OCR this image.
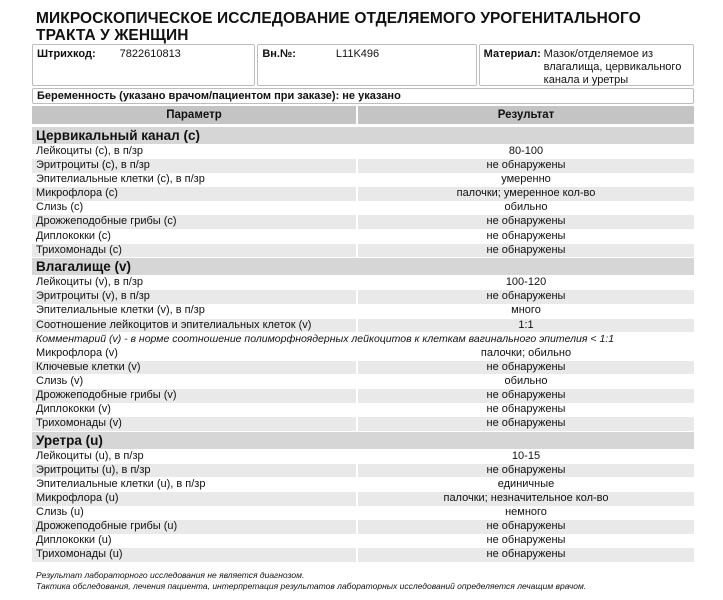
МИКРОСКОПИЧЕСКОЕ ИССЛЕДОВАНИЕ ОТДЕЛЯЕМОГО УРОГЕНИТАЛЬНОГО ТРАКТА У ЖЕНЩИН
Штрихкод: 7822610813	Вн.№:	L11K496	Материал: Мазок/отделяемое из влагалища, цервикального канала и уретры
Беременность (указано врачом/пациентом при заказе): не указано
Параметр	Результат
Цервикальный канал (c)
Лейкоциты (c), в п/зр	80-100
Эритроциты (c), в п/зр	не обнаружены
Эпителиальные клетки (c), в п/зр	умеренно
Микрофлора (c)	палочки; умеренное кол-во
Слизь (c)	обильно
Дрожжеподобные грибы (c)	не обнаружены
Диплококки (c)	не обнаружены
Трихомонады (c)	не обнаружены
Влагалище (v)
Лейкоциты (v), в п/зр	100-120
Эритроциты (v), в п/зр	не обнаружены
Эпителиальные клетки (v), в п/зр	много
Соотношение лейкоцитов и эпителиальных клеток (v)	1:1
Комментарий (v) - в норме соотношение полиморфноядерных лейкоцитов к клеткам вагинального эпителия < 1:1
Микрофлора (v)	палочки; обильно
Ключевые клетки (v)	не обнаружены
Слизь (v)	обильно
Дрожжеподобные грибы (v)	не обнаружены
Диплококки (v)	не обнаружены
Трихомонады (v)	не обнаружены
Уретра (u)
Лейкоциты (u), в п/зр	10-15
Эритроциты (u), в п/зр	не обнаружены
Эпителиальные клетки (u), в п/зр	единичные
Микрофлора (u)	палочки; незначительное кол-во
Слизь (u)	немного
Дрожжеподобные грибы (u)	не обнаружены
Диплококки (u)	не обнаружены
Трихомонады (u)	не обнаружены
Результат лабораторного исследования не является диагнозом.
Тактика обследования, лечения пациента, интерпретация результатов лабораторных исследований определяется лечащим врачом.
